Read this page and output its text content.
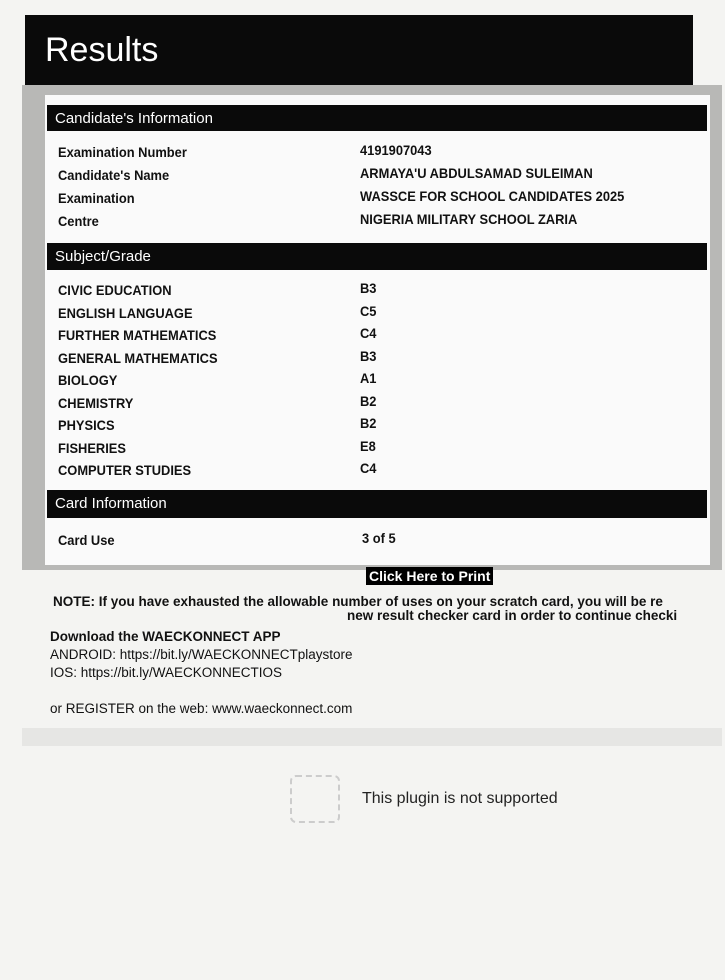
Results
Candidate's Information
Examination Number	4191907043
Candidate's Name	ARMAYA'U ABDULSAMAD SULEIMAN
Examination	WASSCE FOR SCHOOL CANDIDATES 2025
Centre	NIGERIA MILITARY SCHOOL ZARIA
Subject/Grade
CIVIC EDUCATION	B3
ENGLISH LANGUAGE	C5
FURTHER MATHEMATICS	C4
GENERAL MATHEMATICS	B3
BIOLOGY	A1
CHEMISTRY	B2
PHYSICS	B2
FISHERIES	E8
COMPUTER STUDIES	C4
Card Information
Card Use	3 of 5
Click Here to Print
NOTE: If you have exhausted the allowable number of uses on your scratch card, you will be re
new result checker card in order to continue checki
Download the WAECKONNECT APP
ANDROID: https://bit.ly/WAECKONNECTplaystore
IOS: https://bit.ly/WAECKONNECTIOS
or REGISTER on the web: www.waeckonnect.com
This plugin is not supported
